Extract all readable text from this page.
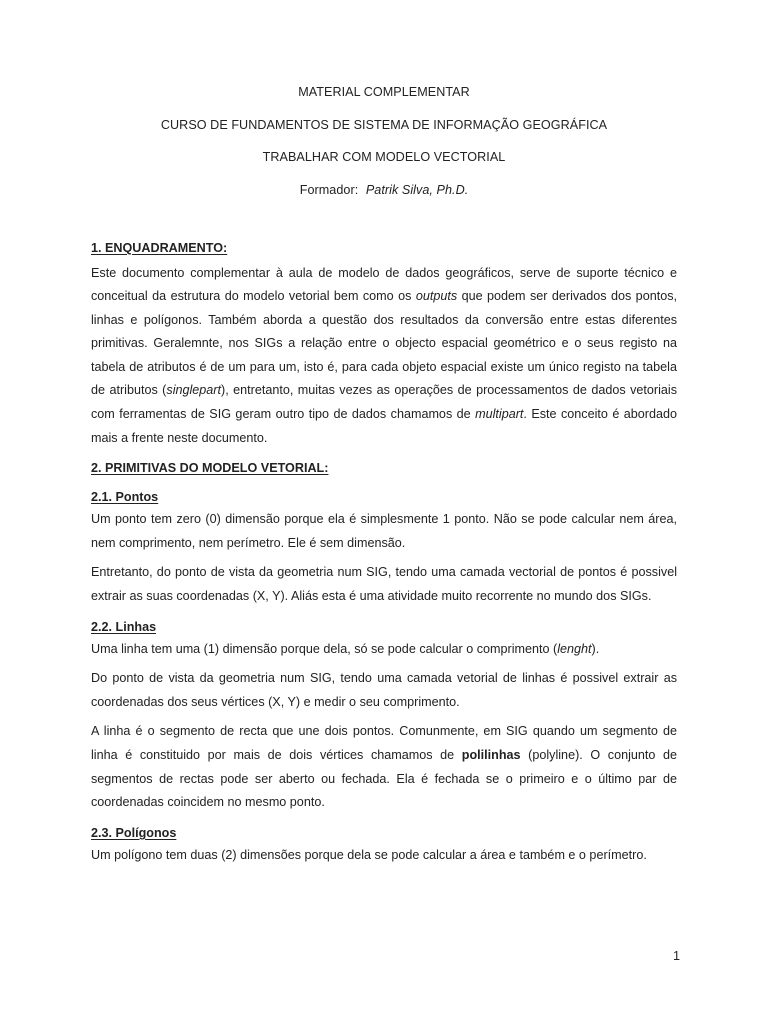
MATERIAL COMPLEMENTAR
CURSO DE FUNDAMENTOS DE SISTEMA DE INFORMAÇÃO GEOGRÁFICA
TRABALHAR COM MODELO VECTORIAL
Formador: Patrik Silva, Ph.D.
1. ENQUADRAMENTO:

Este documento complementar à aula de modelo de dados geográficos, serve de suporte técnico e conceitual da estrutura do modelo vetorial bem como os outputs que podem ser derivados dos pontos, linhas e polígonos. Também aborda a questão dos resultados da conversão entre estas diferentes primitivas. Geralemnte, nos SIGs a relação entre o objecto espacial geométrico e o seus registo na tabela de atributos é de um para um, isto é, para cada objeto espacial existe um único registo na tabela de atributos (singlepart), entretanto, muitas vezes as operações de processamentos de dados vetoriais com ferramentas de SIG geram outro tipo de dados chamamos de multipart. Este conceito é abordado mais a frente neste documento.

2. PRIMITIVAS DO MODELO VETORIAL:
2.1. Pontos

Um ponto tem zero (0) dimensão porque ela é simplesmente 1 ponto. Não se pode calcular nem área, nem comprimento, nem perímetro. Ele é sem dimensão.

Entretanto, do ponto de vista da geometria num SIG, tendo uma camada vectorial de pontos é possivel extrair as suas coordenadas (X, Y). Aliás esta é uma atividade muito recorrente no mundo dos SIGs.

2.2. Linhas

Uma linha tem uma (1) dimensão porque dela, só se pode calcular o comprimento (lenght).

Do ponto de vista da geometria num SIG, tendo uma camada vetorial de linhas é possivel extrair as coordenadas dos seus vértices (X, Y) e medir o seu comprimento.

A linha é o segmento de recta que une dois pontos. Comunmente, em SIG quando um segmento de linha é constituido por mais de dois vértices chamamos de polilinhas (polyline). O conjunto de segmentos de rectas pode ser aberto ou fechada. Ela é fechada se o primeiro e o último par de coordenadas coincidem no mesmo ponto.

2.3. Polígonos

Um polígono tem duas (2) dimensões porque dela se pode calcular a área e também e o perímetro.

1
